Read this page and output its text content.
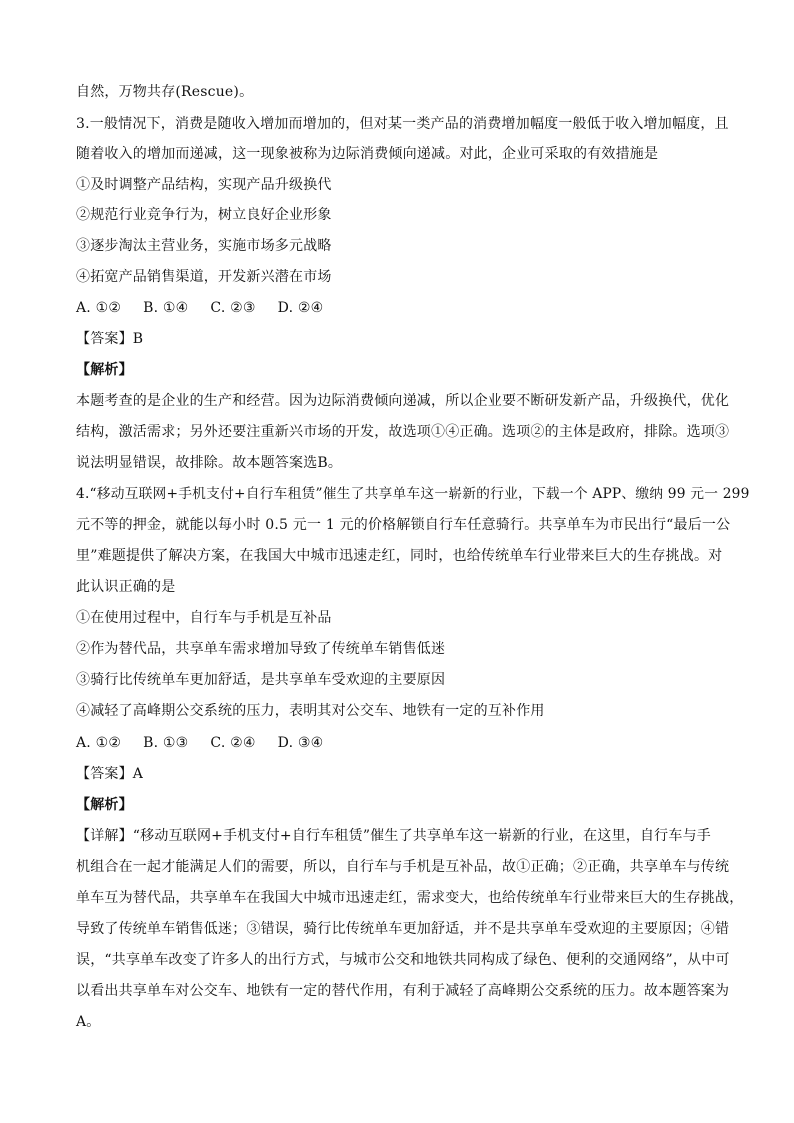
自然，万物共存(Rescue)。
3.一般情况下，消费是随收入增加而增加的，但对某一类产品的消费增加幅度一般低于收入增加幅度，且
随着收入的增加而递减，这一现象被称为边际消费倾向递减。对此，企业可采取的有效措施是
①及时调整产品结构，实现产品升级换代
②规范行业竞争行为，树立良好企业形象
③逐步淘汰主营业务，实施市场多元战略
④拓宽产品销售渠道，开发新兴潜在市场
A. ①② B. ①④ C. ②③ D. ②④
【答案】B
【解析】
本题考查的是企业的生产和经营。因为边际消费倾向递减，所以企业要不断研发新产品，升级换代，优化
结构，激活需求；另外还要注重新兴市场的开发，故选项①④正确。选项②的主体是政府，排除。选项③
说法明显错误，故排除。故本题答案选B。
4.“移动互联网+手机支付+自行车租赁”催生了共享单车这一崭新的行业，下载一个 APP、缴纳 99 元一 299
元不等的押金，就能以每小时 0.5 元一 1 元的价格解锁自行车任意骑行。共享单车为市民出行“最后一公
里”难题提供了解决方案，在我国大中城市迅速走红，同时，也给传统单车行业带来巨大的生存挑战。对
此认识正确的是
①在使用过程中，自行车与手机是互补品
②作为替代品，共享单车需求增加导致了传统单车销售低迷
③骑行比传统单车更加舒适，是共享单车受欢迎的主要原因
④减轻了高峰期公交系统的压力，表明其对公交车、地铁有一定的互补作用
A. ①② B. ①③ C. ②④ D. ③④
【答案】A
【解析】
【详解】“移动互联网+手机支付+自行车租赁”催生了共享单车这一崭新的行业，在这里，自行车与手
机组合在一起才能满足人们的需要，所以，自行车与手机是互补品，故①正确；②正确，共享单车与传统
单车互为替代品，共享单车在我国大中城市迅速走红，需求变大，也给传统单车行业带来巨大的生存挑战，
导致了传统单车销售低迷；③错误，骑行比传统单车更加舒适，并不是共享单车受欢迎的主要原因；④错
误，“共享单车改变了许多人的出行方式，与城市公交和地铁共同构成了绿色、便利的交通网络”，从中可
以看出共享单车对公交车、地铁有一定的替代作用，有利于减轻了高峰期公交系统的压力。故本题答案为
A。
